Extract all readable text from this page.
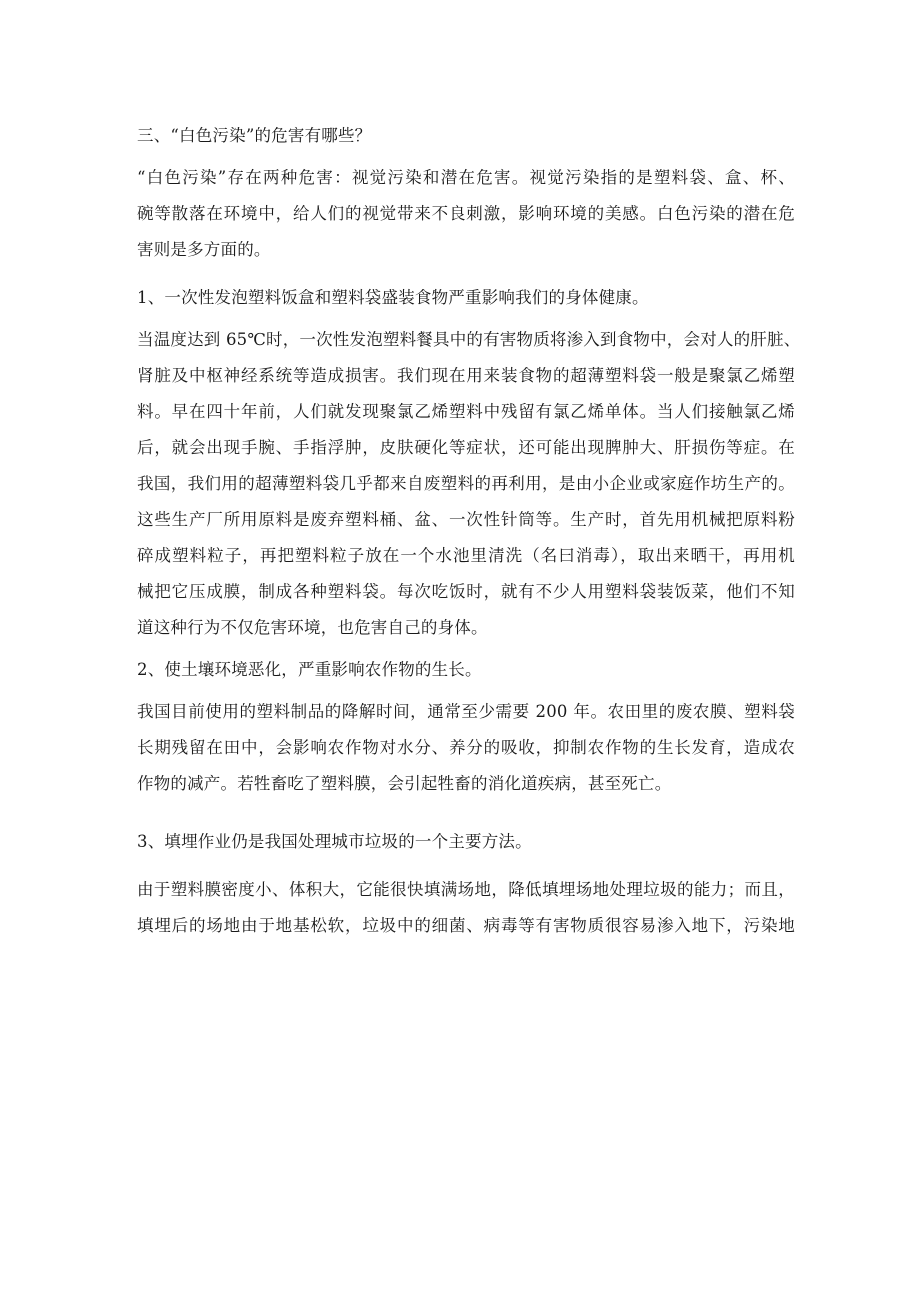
三、“白色污染”的危害有哪些？
“白色污染”存在两种危害：视觉污染和潜在危害。视觉污染指的是塑料袋、盒、杯、
碗等散落在环境中，给人们的视觉带来不良刺激，影响环境的美感。白色污染的潜在危
害则是多方面的。
1、一次性发泡塑料饭盒和塑料袋盛装食物严重影响我们的身体健康。
当温度达到 65℃时，一次性发泡塑料餐具中的有害物质将渗入到食物中，会对人的肝脏、
肾脏及中枢神经系统等造成损害。我们现在用来装食物的超薄塑料袋一般是聚氯乙烯塑
料。早在四十年前，人们就发现聚氯乙烯塑料中残留有氯乙烯单体。当人们接触氯乙烯
后，就会出现手腕、手指浮肿，皮肤硬化等症状，还可能出现脾肿大、肝损伤等症。在
我国，我们用的超薄塑料袋几乎都来自废塑料的再利用，是由小企业或家庭作坊生产的。
这些生产厂所用原料是废弃塑料桶、盆、一次性针筒等。生产时，首先用机械把原料粉
碎成塑料粒子，再把塑料粒子放在一个水池里清洗（名曰消毒），取出来晒干，再用机
械把它压成膜，制成各种塑料袋。每次吃饭时，就有不少人用塑料袋装饭菜，他们不知
道这种行为不仅危害环境，也危害自己的身体。
2、使土壤环境恶化，严重影响农作物的生长。
我国目前使用的塑料制品的降解时间，通常至少需要 200 年。农田里的废农膜、塑料袋
长期残留在田中，会影响农作物对水分、养分的吸收，抑制农作物的生长发育，造成农
作物的减产。若牲畜吃了塑料膜，会引起牲畜的消化道疾病，甚至死亡。
3、填埋作业仍是我国处理城市垃圾的一个主要方法。
由于塑料膜密度小、体积大，它能很快填满场地，降低填埋场地处理垃圾的能力；而且，
填埋后的场地由于地基松软，垃圾中的细菌、病毒等有害物质很容易渗入地下，污染地
